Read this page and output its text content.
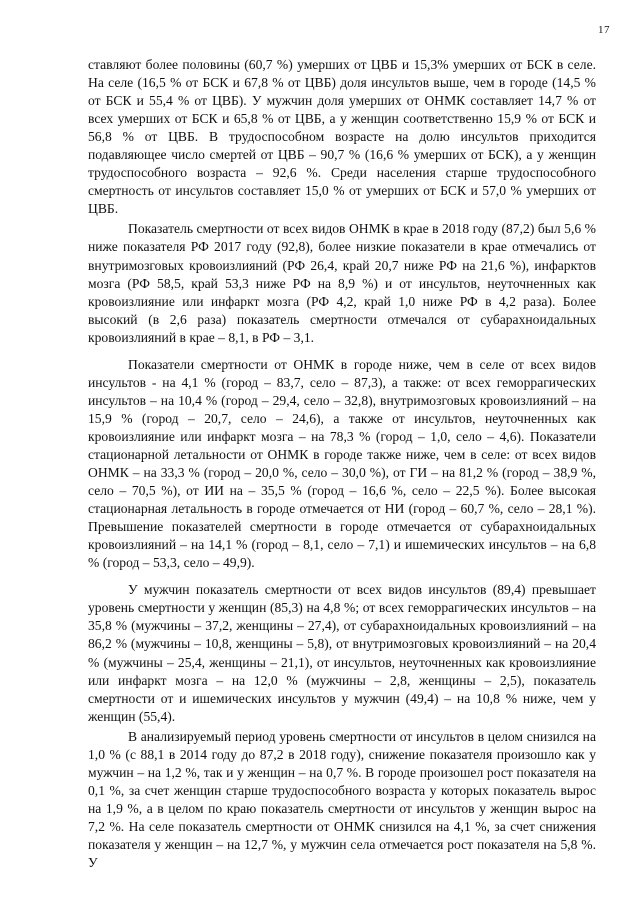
17

ставляют более половины (60,7 %) умерших от ЦВБ и 15,3% умерших от БСК в селе. На селе (16,5 % от БСК и 67,8 % от ЦВБ) доля инсультов выше, чем в городе (14,5 % от БСК и 55,4 % от ЦВБ). У мужчин доля умерших от ОНМК составляет 14,7 % от всех умерших от БСК и 65,8 % от ЦВБ, а у женщин соответственно 15,9 % от БСК и 56,8 % от ЦВБ. В трудоспособном возрасте на долю инсультов приходится подавляющее число смертей от ЦВБ – 90,7 % (16,6 % умерших от БСК), а у женщин трудоспособного возраста – 92,6 %. Среди населения старше трудоспособного смертность от инсультов составляет 15,0 % от умерших от БСК и 57,0 % умерших от ЦВБ.

Показатель смертности от всех видов ОНМК в крае в 2018 году (87,2) был 5,6 % ниже показателя РФ 2017 году (92,8), более низкие показатели в крае отмечались от внутримозговых кровоизлияний (РФ 26,4, край 20,7 ниже РФ на 21,6 %), инфарктов мозга (РФ 58,5, край 53,3 ниже РФ на 8,9 %) и от инсультов, неуточненных как кровоизлияние или инфаркт мозга (РФ 4,2, край 1,0 ниже РФ в 4,2 раза). Более высокий (в 2,6 раза) показатель смертности отмечался от субарахноидальных кровоизлияний в крае – 8,1, в РФ – 3,1.

Показатели смертности от ОНМК в городе ниже, чем в селе от всех видов инсультов - на 4,1 % (город – 83,7, село – 87,3), а также: от всех геморрагических инсультов – на 10,4 % (город – 29,4, село – 32,8), внутримозговых кровоизлияний – на 15,9 % (город – 20,7, село – 24,6), а также от инсультов, неуточненных как кровоизлияние или инфаркт мозга – на 78,3 % (город – 1,0, село – 4,6). Показатели стационарной летальности от ОНМК в городе также ниже, чем в селе: от всех видов ОНМК – на 33,3 % (город – 20,0 %, село – 30,0 %), от ГИ – на 81,2 % (город – 38,9 %, село – 70,5 %), от ИИ на – 35,5 % (город – 16,6 %, село – 22,5 %). Более высокая стационарная летальность в городе отмечается от НИ (город – 60,7 %, село – 28,1 %). Превышение показателей смертности в городе отмечается от субарахноидальных кровоизлияний – на 14,1 % (город – 8,1, село – 7,1) и ишемических инсультов – на 6,8 % (город – 53,3, село – 49,9).

У мужчин показатель смертности от всех видов инсультов (89,4) превышает уровень смертности у женщин (85,3) на 4,8 %; от всех геморрагических инсультов – на 35,8 % (мужчины – 37,2, женщины – 27,4), от субарахноидальных кровоизлияний – на 86,2 % (мужчины – 10,8, женщины – 5,8), от внутримозговых кровоизлияний – на 20,4 % (мужчины – 25,4, женщины – 21,1), от инсультов, неуточненных как кровоизлияние или инфаркт мозга – на 12,0 % (мужчины – 2,8, женщины – 2,5), показатель смертности от и ишемических инсультов у мужчин (49,4) – на 10,8 % ниже, чем у женщин (55,4).

В анализируемый период уровень смертности от инсультов в целом снизился на 1,0 % (с 88,1 в 2014 году до 87,2 в 2018 году), снижение показателя произошло как у мужчин – на 1,2 %, так и у женщин – на 0,7 %. В городе произошел рост показателя на 0,1 %, за счет женщин старше трудоспособного возраста у которых показатель вырос на 1,9 %, а в целом по краю показатель смертности от инсультов у женщин вырос на 7,2 %. На селе показатель смертности от ОНМК снизился на 4,1 %, за счет снижения показателя у женщин – на 12,7 %, у мужчин села отмечается рост показателя на 5,8 %. У
